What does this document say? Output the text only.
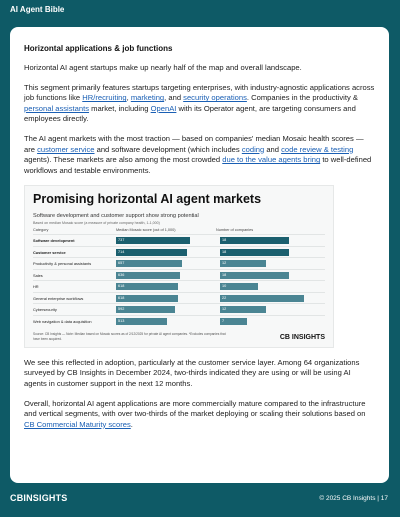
AI Agent Bible
Horizontal applications & job functions

Horizontal AI agent startups make up nearly half of the map and overall landscape.

This segment primarily features startups targeting enterprises, with industry-agnostic applications across job functions like HR/recruiting, marketing, and security operations. Companies in the productivity & personal assistants market, including OpenAI with its Operator agent, are targeting consumers and employees directly.

The AI agent markets with the most traction — based on companies' median Mosaic health scores — are customer service and software development (which includes coding and code review & testing agents). These markets are also among the most crowded due to the value agents bring to well-defined workflows and testable environments.

Promising horizontal AI agent markets
Software development and customer support show strong potential
Based on median Mosaic score (a measure of private company health, 1-1,000)
Category	Median Mosaic score (out of 1,000)	Number of companies
Software development	737	18
Customer service	714	18
Productivity & personal assistants	657	12
Sales	636	18
HR	618	10
General enterprise workflows	618	22
Cybersecurity	592	12
Web navigation & data acquisition	513	7
Source: CB Insights — Note: Median based on Mosaic scores as of 2/12/2025 for private AI agent companies. *Excludes companies that have been acquired.	CB INSIGHTS

We see this reflected in adoption, particularly at the customer service layer. Among 64 organizations surveyed by CB Insights in December 2024, two-thirds indicated they are using or will be using AI agents in customer support in the next 12 months.

Overall, horizontal AI agent applications are more commercially mature compared to the infrastructure and vertical segments, with over two-thirds of the market deploying or scaling their solutions based on CB Commercial Maturity scores.

CBINSIGHTS	© 2025 CB Insights | 17
